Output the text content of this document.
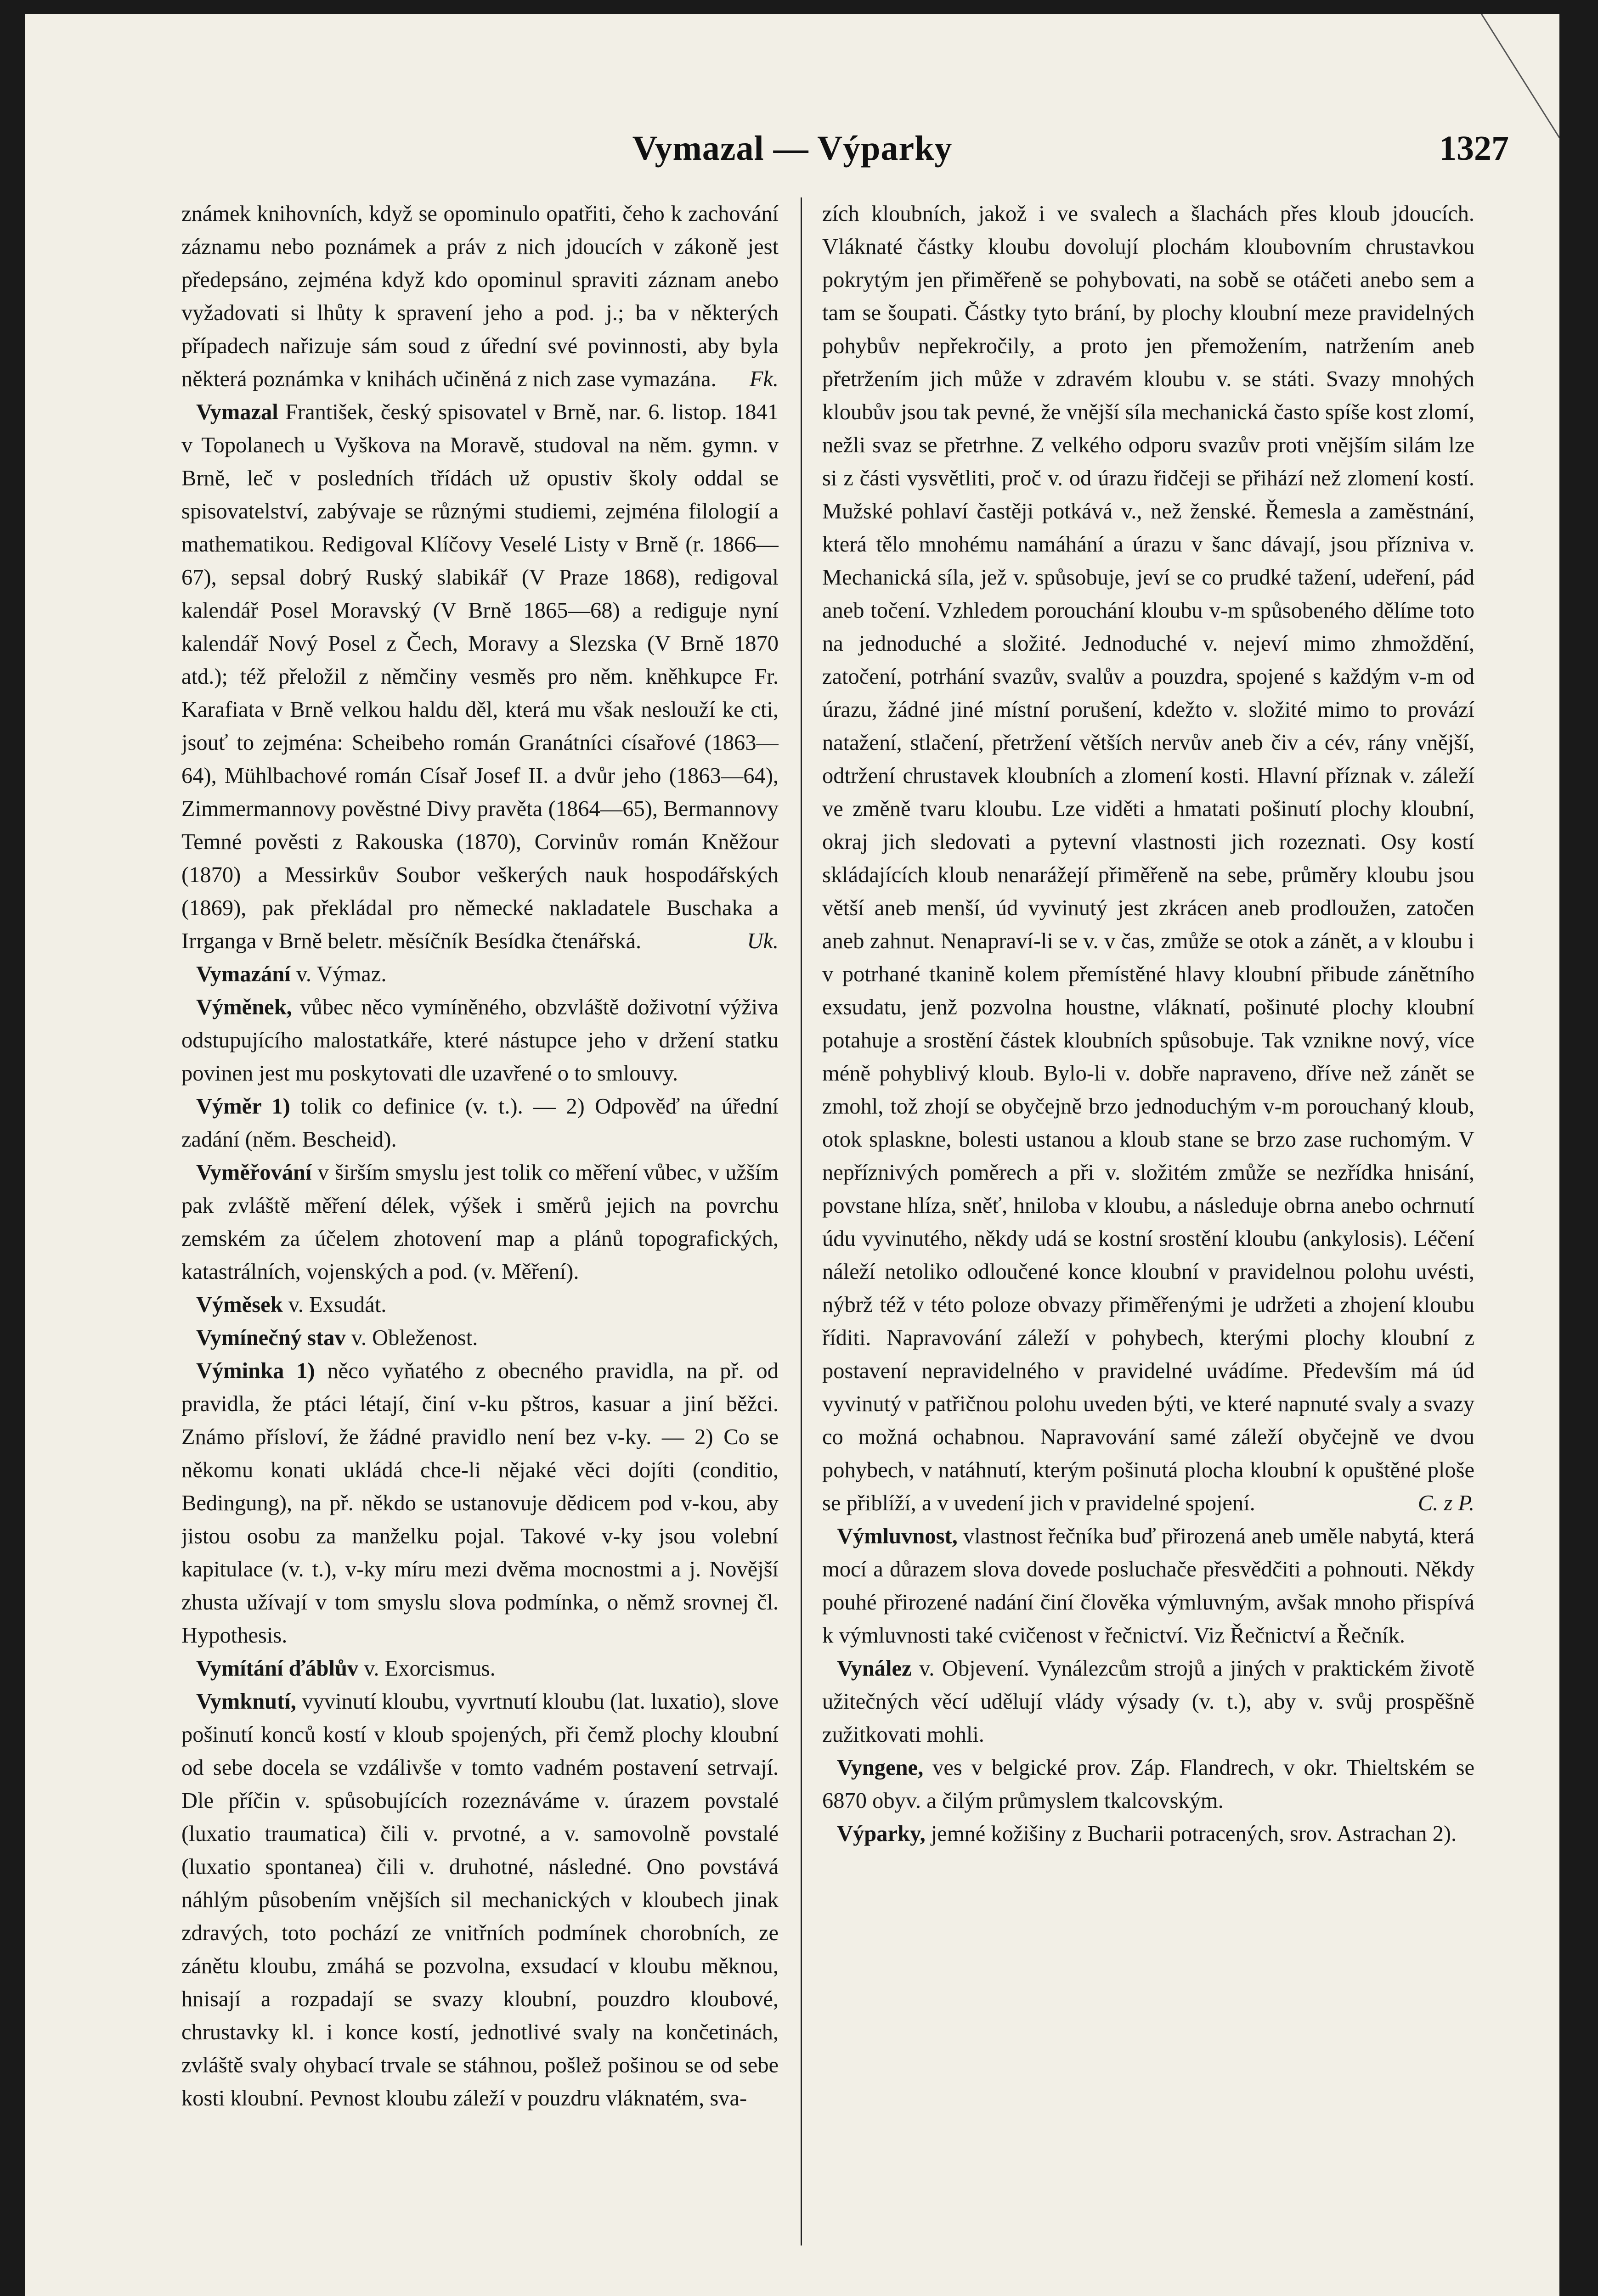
Vymazal — Výparky	1327

známek knihovních, když se opominulo opatřiti, čeho k zachování záznamu nebo poznámek a práv z nich jdoucích v zákoně jest předepsáno, zejména když kdo opominul spraviti záznam anebo vyžadovati si lhůty k spravení jeho a pod. j.; ba v některých případech nařizuje sám soud z úřední své povinnosti, aby byla některá poznámka v knihách učiněná z nich zase vymazána.	Fk.

Vymazal František, český spisovatel v Brně, nar. 6. listop. 1841 v Topolanech u Vyškova na Moravě, studoval na něm. gymn. v Brně, leč v posledních třídách už opustiv školy oddal se spisovatelství, zabývaje se různými studiemi, zejména filologií a mathematikou. Redigoval Klíčovy Veselé Listy v Brně (r. 1866—67), sepsal dobrý Ruský slabikář (V Praze 1868), redigoval kalendář Posel Moravský (V Brně 1865—68) a rediguje nyní kalendář Nový Posel z Čech, Moravy a Slezska (V Brně 1870 atd.); též přeložil z němčiny vesměs pro něm. kněhkupce Fr. Karafiata v Brně velkou haldu děl, která mu však neslouží ke cti, jsouť to zejména: Scheibeho román Granátníci císařové (1863—64), Mühlbachové román Císař Josef II. a dvůr jeho (1863—64), Zimmermannovy pověstné Divy pravěta (1864—65), Bermannovy Temné pověsti z Rakouska (1870), Corvinův román Kněžour (1870) a Messirkův Soubor veškerých nauk hospodářských (1869), pak překládal pro německé nakladatele Buschaka a Irrganga v Brně beletr. měsíčník Besídka čtenářská.	Uk.

Vymazání v. Výmaz.

Výměnek, vůbec něco vymíněného, obzvláště doživotní výživa odstupujícího malostatkáře, které nástupce jeho v držení statku povinen jest mu poskytovati dle uzavřené o to smlouvy.

Výměr 1) tolik co definice (v. t.). — 2) Odpověď na úřední zadání (něm. Bescheid).

Vyměřování v širším smyslu jest tolik co měření vůbec, v užším pak zvláště měření délek, výšek i směrů jejich na povrchu zemském za účelem zhotovení map a plánů topografických, katastrálních, vojenských a pod. (v. Měření).

Výměsek v. Exsudát.

Vymínečný stav v. Obleženost.

Výminka 1) něco vyňatého z obecného pravidla, na př. od pravidla, že ptáci létají, činí v-ku pštros, kasuar a jiní běžci. Známo přísloví, že žádné pravidlo není bez v-ky. — 2) Co se někomu konati ukládá chce-li nějaké věci dojíti (conditio, Bedingung), na př. někdo se ustanovuje dědicem pod v-kou, aby jistou osobu za manželku pojal. Takové v-ky jsou volební kapitulace (v. t.), v-ky míru mezi dvěma mocnostmi a j. Novější zhusta užívají v tom smyslu slova podmínka, o němž srovnej čl. Hypothesis.

Vymítání ďáblův v. Exorcismus.

Vymknutí, vyvinutí kloubu, vyvrtnutí kloubu (lat. luxatio), slove pošinutí konců kostí v kloub spojených, při čemž plochy kloubní od sebe docela se vzdálivše v tomto vadném postavení setrvají. Dle příčin v. spůsobujících rozeznáváme v. úrazem povstalé (luxatio traumatica) čili v. prvotné, a v. samovolně povstalé (luxatio spontanea) čili v. druhotné, následné. Ono povstává náhlým působením vnějších sil mechanických v kloubech jinak zdravých, toto pochází ze vnitřních podmínek chorobních, ze zánětu kloubu, zmáhá se pozvolna, exsudací v kloubu měknou, hnisají a rozpadají se svazy kloubní, pouzdro kloubové, chrustavky kl. i konce kostí, jednotlivé svaly na končetinách, zvláště svaly ohybací trvale se stáhnou, pošlež pošinou se od sebe kosti kloubní. Pevnost kloubu záleží v pouzdru vláknatém, sva-

zích kloubních, jakož i ve svalech a šlachách přes kloub jdoucích. Vláknaté částky kloubu dovolují plochám kloubovním chrustavkou pokrytým jen přiměřeně se pohybovati, na sobě se otáčeti anebo sem a tam se šoupati. Částky tyto brání, by plochy kloubní meze pravidelných pohybův nepřekročily, a proto jen přemožením, natržením aneb přetržením jich může v zdravém kloubu v. se státi. Svazy mnohých kloubův jsou tak pevné, že vnější síla mechanická často spíše kost zlomí, nežli svaz se přetrhne. Z velkého odporu svazův proti vnějším silám lze si z části vysvětliti, proč v. od úrazu řidčeji se přihází než zlomení kostí. Mužské pohlaví častěji potkává v., než ženské. Řemesla a zaměstnání, která tělo mnohému namáhání a úrazu v šanc dávají, jsou příznivа v. Mechanická síla, jež v. spůsobuje, jeví se co prudké tažení, udeření, pád aneb točení. Vzhledem porouchání kloubu v-m spůsobeného dělíme toto na jednoduché a složité. Jednoduché v. nejeví mimo zhmoždění, zatočení, potrhání svazův, svalův a pouzdra, spojené s každým v-m od úrazu, žádné jiné místní porušení, kdežto v. složité mimo to provází natažení, stlačení, přetržení větších nervův aneb čiv a cév, rány vnější, odtržení chrustavek kloubních a zlomení kosti. Hlavní příznak v. záleží ve změně tvaru kloubu. Lze viděti a hmatati pošinutí plochy kloubní, okraj jich sledovati a pytevní vlastnosti jich rozeznati. Osy kostí skládajících kloub nenarážejí přiměřeně na sebe, průměry kloubu jsou větší aneb menší, úd vyvinutý jest zkrácen aneb prodloužen, zatočen aneb zahnut. Nenapraví-li se v. v čas, zmůže se otok a zánět, a v kloubu i v potrhané tkanině kolem přemístěné hlavy kloubní přibude zánětního exsudatu, jenž pozvolna houstne, vláknatí, pošinuté plochy kloubní potahuje a srostění částek kloubních spůsobuje. Tak vznikne nový, více méně pohyblivý kloub. Bylo-li v. dobře napraveno, dříve než zánět se zmohl, tož zhojí se obyčejně brzo jednoduchým v-m porouchaný kloub, otok splaskne, bolesti ustanou a kloub stane se brzo zase ruchomým. V nepříznivých poměrech a při v. složitém zmůže se nezřídka hnisání, povstane hlíza, sněť, hniloba v kloubu, a následuje obrna anebo ochrnutí údu vyvinutého, někdy udá se kostní srostění kloubu (ankylosis). Léčení náleží netoliko odloučené konce kloubní v pravidelnou polohu uvésti, nýbrž též v této poloze obvazy přiměřenými je udržeti a zhojení kloubu říditi. Napravování záleží v pohybech, kterými plochy kloubní z postavení nepravidelného v pravidelné uvádíme. Především má úd vyvinutý v patřičnou polohu uveden býti, ve které napnuté svaly a svazy co možná ochabnou. Napravování samé záleží obyčejně ve dvou pohybech, v natáhnutí, kterým pošinutá plocha kloubní k opuštěné ploše se přiblíží, a v uvedení jich v pravidelné spojení.	C. z P.

Výmluvnost, vlastnost řečníka buď přirozená aneb uměle nabytá, která mocí a důrazem slova dovede posluchače přesvědčiti a pohnouti. Někdy pouhé přirozené nadání činí člověka výmluvným, avšak mnoho přispívá k výmluvnosti také cvičenost v řečnictví. Viz Řečnictví a Řečník.

Vynález v. Objevení. Vynálezcům strojů a jiných v praktickém životě užitečných věcí udělují vlády výsady (v. t.), aby v. svůj prospěšně zužitkovati mohli.

Vyngene, ves v belgické prov. Záp. Flandrech, v okr. Thieltském se 6870 obyv. a čilým průmyslem tkalcovským.

Výparky, jemné kožišiny z Bucharii potracených, srov. Astrachan 2).
